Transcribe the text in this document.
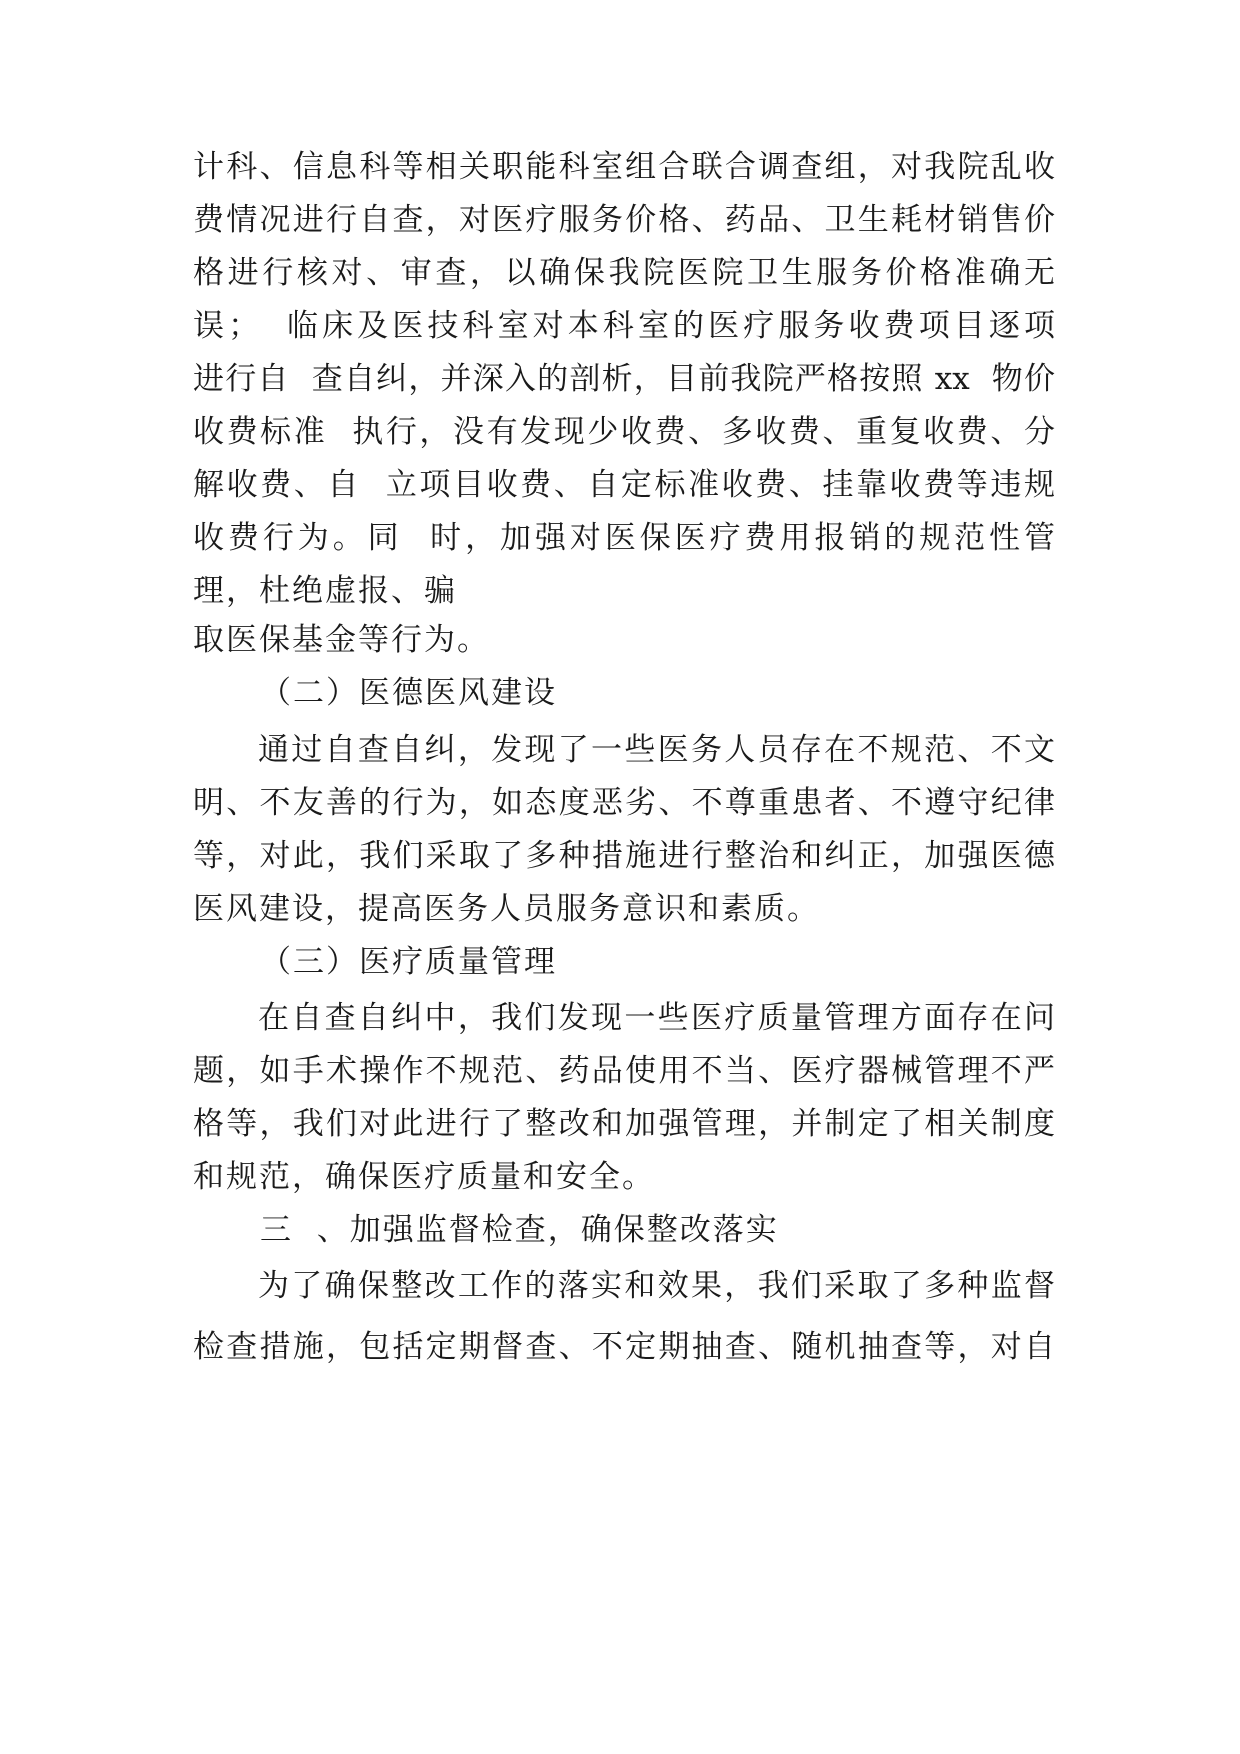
计科、信息科等相关职能科室组合联合调查组，对我院乱收
费情况进行自查，对医疗服务价格、药品、卫生耗材销售价
格进行核对、审查，以确保我院医院卫生服务价格准确无
误；  临床及医技科室对本科室的医疗服务收费项目逐项
进行自  查自纠，并深入的剖析，目前我院严格按照 xx  物价
收费标准  执行，没有发现少收费、多收费、重复收费、分
解收费、自  立项目收费、自定标准收费、挂靠收费等违规
收费行为。同  时，加强对医保医疗费用报销的规范性管
理，杜绝虚报、骗
取医保基金等行为。
（二）医德医风建设
通过自查自纠，发现了一些医务人员存在不规范、不文
明、不友善的行为，如态度恶劣、不尊重患者、不遵守纪律
等，对此，我们采取了多种措施进行整治和纠正，加强医德
医风建设，提高医务人员服务意识和素质。
（三）医疗质量管理
在自查自纠中，我们发现一些医疗质量管理方面存在问
题，如手术操作不规范、药品使用不当、医疗器械管理不严
格等，我们对此进行了整改和加强管理，并制定了相关制度
和规范，确保医疗质量和安全。
三  、加强监督检查，确保整改落实
为了确保整改工作的落实和效果，我们采取了多种监督
检查措施，包括定期督查、不定期抽查、随机抽查等，对自
